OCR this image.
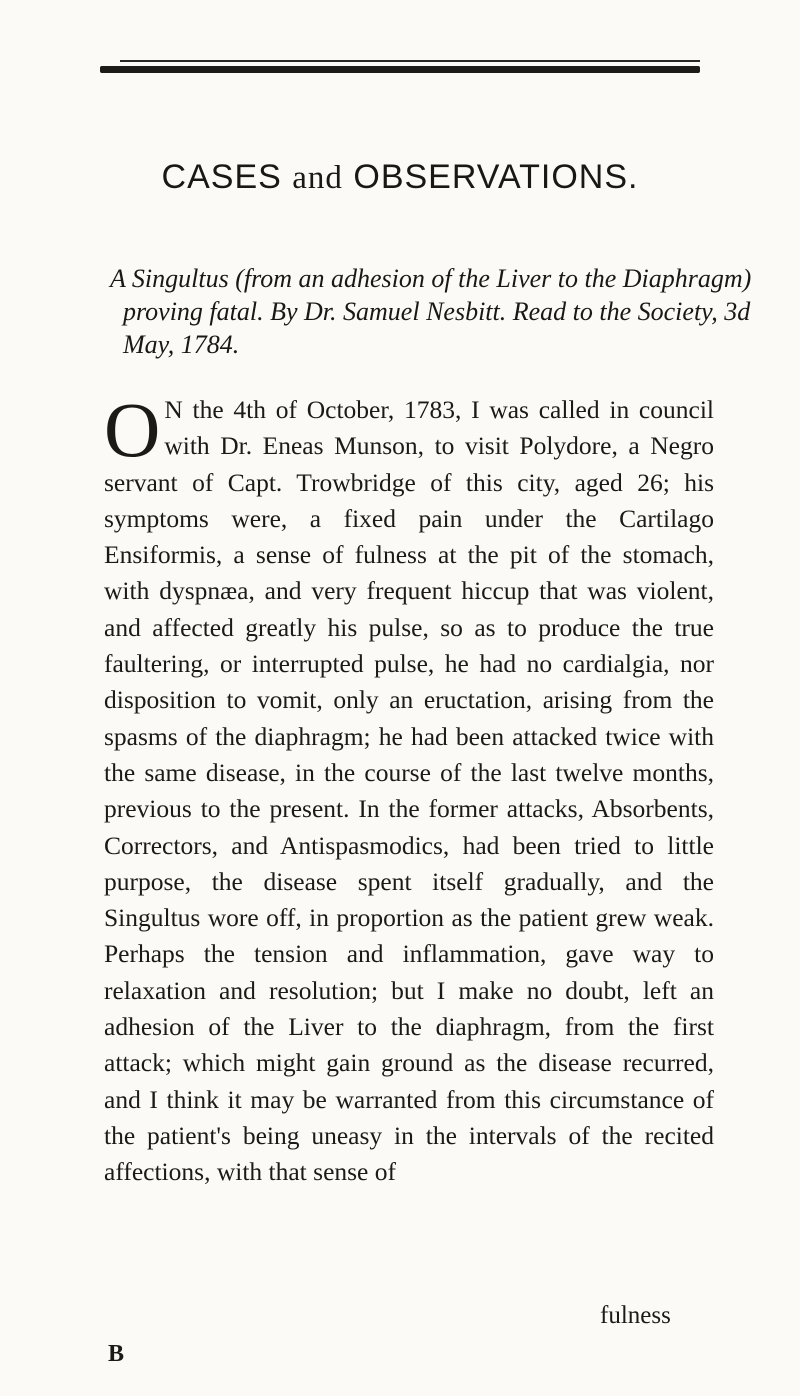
CASES and OBSERVATIONS.
A Singultus (from an adhesion of the Liver to the Diaphragm) proving fatal. By Dr. Samuel Nesbitt. Read to the Society, 3d May, 1784.
O N the 4th of October, 1783, I was called in council with Dr. Eneas Munson, to visit Polydore, a Negro servant of Capt. Trowbridge of this city, aged 26; his symptoms were, a fixed pain under the Cartilago Ensiformis, a sense of fulness at the pit of the stomach, with dyspnæa, and very frequent hiccup that was violent, and affected greatly his pulse, so as to produce the true faultering, or interrupted pulse, he had no cardialgia, nor disposition to vomit, only an eructation, arising from the spasms of the diaphragm; he had been attacked twice with the same disease, in the course of the last twelve months, previous to the present. In the former attacks, Absorbents, Correctors, and Antispasmodics, had been tried to little purpose, the disease spent itself gradually, and the Singultus wore off, in proportion as the patient grew weak. Perhaps the tension and inflammation, gave way to relaxation and resolution; but I make no doubt, left an adhesion of the Liver to the diaphragm, from the first attack; which might gain ground as the disease recurred, and I think it may be warranted from this circumstance of the patient's being uneasy in the intervals of the recited affections, with that sense of
fulness
B
